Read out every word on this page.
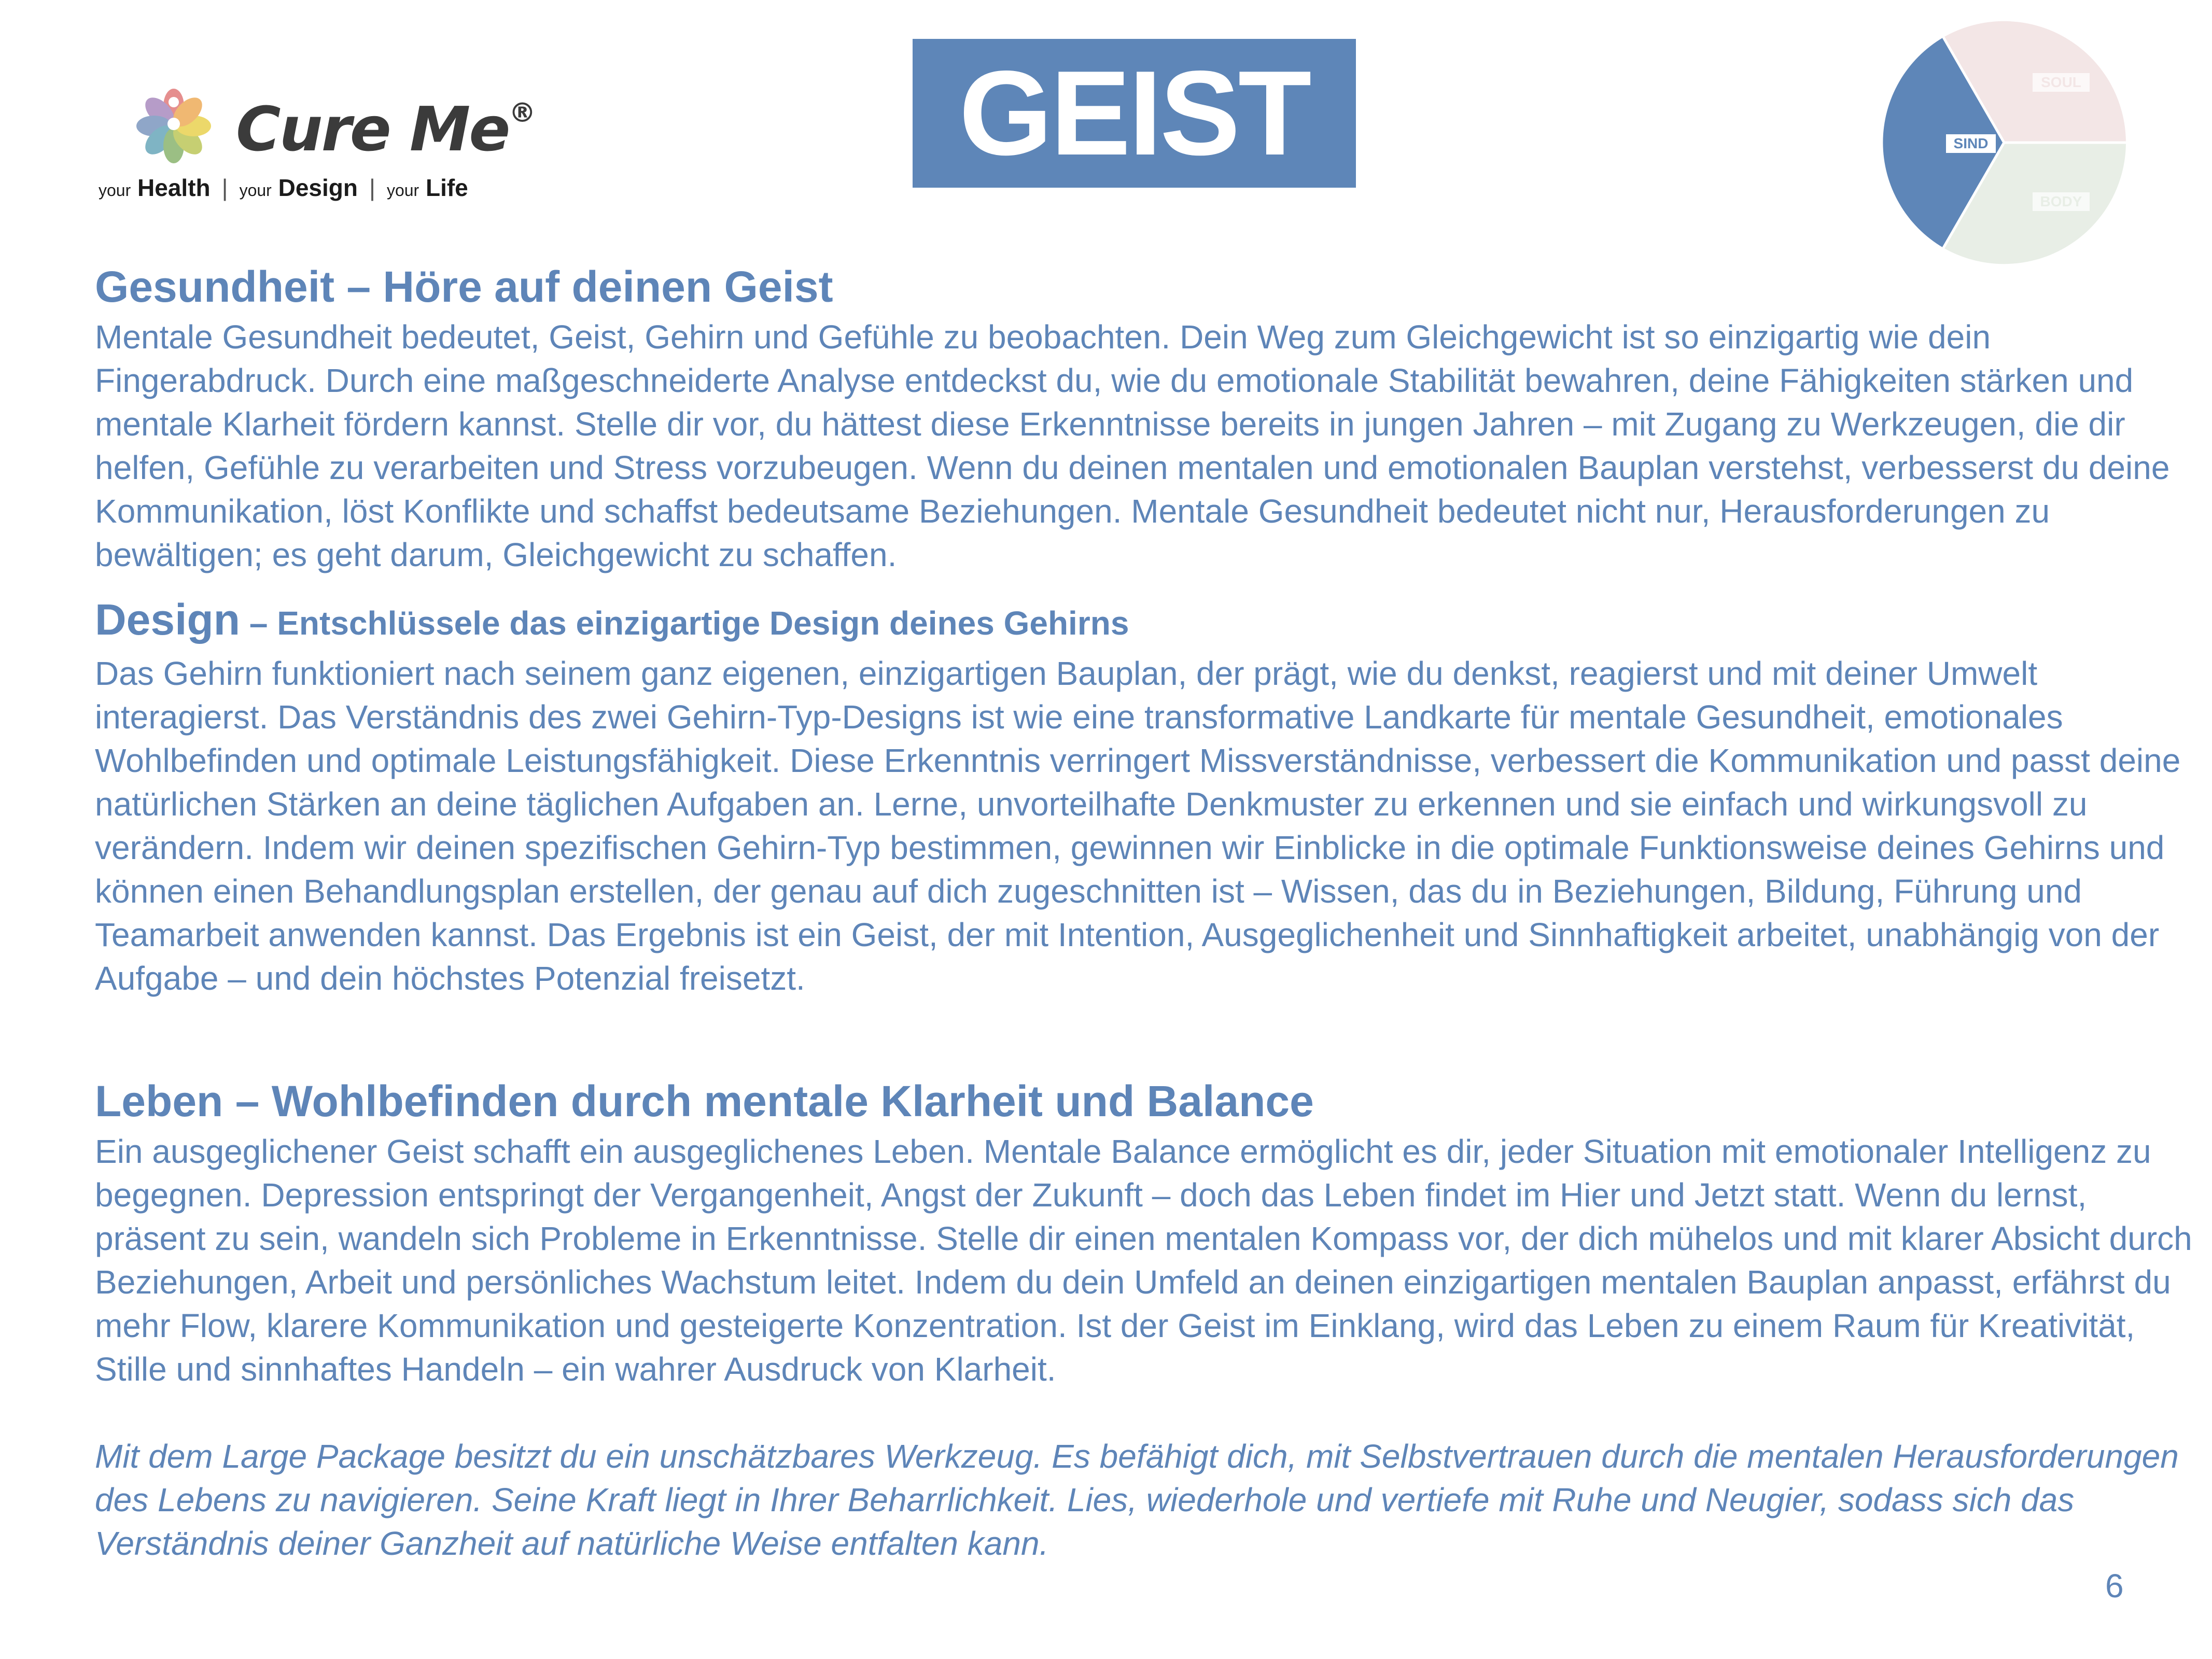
Cure Me®
your Health | your Design | your Life
GEIST	SIND
SOUL
BODY
Gesundheit – Höre auf deinen Geist

Mentale Gesundheit bedeutet, Geist, Gehirn und Gefühle zu beobachten. Dein Weg zum Gleichgewicht ist so einzigartig wie dein Fingerabdruck. Durch eine maßgeschneiderte Analyse entdeckst du, wie du emotionale Stabilität bewahren, deine Fähigkeiten stärken und mentale Klarheit fördern kannst. Stelle dir vor, du hättest diese Erkenntnisse bereits in jungen Jahren – mit Zugang zu Werkzeugen, die dir helfen, Gefühle zu verarbeiten und Stress vorzubeugen. Wenn du deinen mentalen und emotionalen Bauplan verstehst, verbesserst du deine Kommunikation, löst Konflikte und schaffst bedeutsame Beziehungen. Mentale Gesundheit bedeutet nicht nur, Herausforderungen zu bewältigen; es geht darum, Gleichgewicht zu schaffen.

Design – Entschlüssele das einzigartige Design deines Gehirns

Das Gehirn funktioniert nach seinem ganz eigenen, einzigartigen Bauplan, der prägt, wie du denkst, reagierst und mit deiner Umwelt interagierst. Das Verständnis des zwei Gehirn-Typ-Designs ist wie eine transformative Landkarte für mentale Gesundheit, emotionales Wohlbefinden und optimale Leistungsfähigkeit. Diese Erkenntnis verringert Missverständnisse, verbessert die Kommunikation und passt deine natürlichen Stärken an deine täglichen Aufgaben an. Lerne, unvorteilhafte Denkmuster zu erkennen und sie einfach und wirkungsvoll zu verändern. Indem wir deinen spezifischen Gehirn-Typ bestimmen, gewinnen wir Einblicke in die optimale Funktionsweise deines Gehirns und können einen Behandlungsplan erstellen, der genau auf dich zugeschnitten ist – Wissen, das du in Beziehungen, Bildung, Führung und Teamarbeit anwenden kannst. Das Ergebnis ist ein Geist, der mit Intention, Ausgeglichenheit und Sinnhaftigkeit arbeitet, unabhängig von der Aufgabe – und dein höchstes Potenzial freisetzt.

Leben – Wohlbefinden durch mentale Klarheit und Balance

Ein ausgeglichener Geist schafft ein ausgeglichenes Leben. Mentale Balance ermöglicht es dir, jeder Situation mit emotionaler Intelligenz zu begegnen. Depression entspringt der Vergangenheit, Angst der Zukunft – doch das Leben findet im Hier und Jetzt statt. Wenn du lernst, präsent zu sein, wandeln sich Probleme in Erkenntnisse. Stelle dir einen mentalen Kompass vor, der dich mühelos und mit klarer Absicht durch Beziehungen, Arbeit und persönliches Wachstum leitet. Indem du dein Umfeld an deinen einzigartigen mentalen Bauplan anpasst, erfährst du mehr Flow, klarere Kommunikation und gesteigerte Konzentration. Ist der Geist im Einklang, wird das Leben zu einem Raum für Kreativität, Stille und sinnhaftes Handeln – ein wahrer Ausdruck von Klarheit.

Mit dem Large Package besitzt du ein unschätzbares Werkzeug. Es befähigt dich, mit Selbstvertrauen durch die mentalen Herausforderungen des Lebens zu navigieren. Seine Kraft liegt in Ihrer Beharrlichkeit. Lies, wiederhole und vertiefe mit Ruhe und Neugier, sodass sich das Verständnis deiner Ganzheit auf natürliche Weise entfalten kann.

6
